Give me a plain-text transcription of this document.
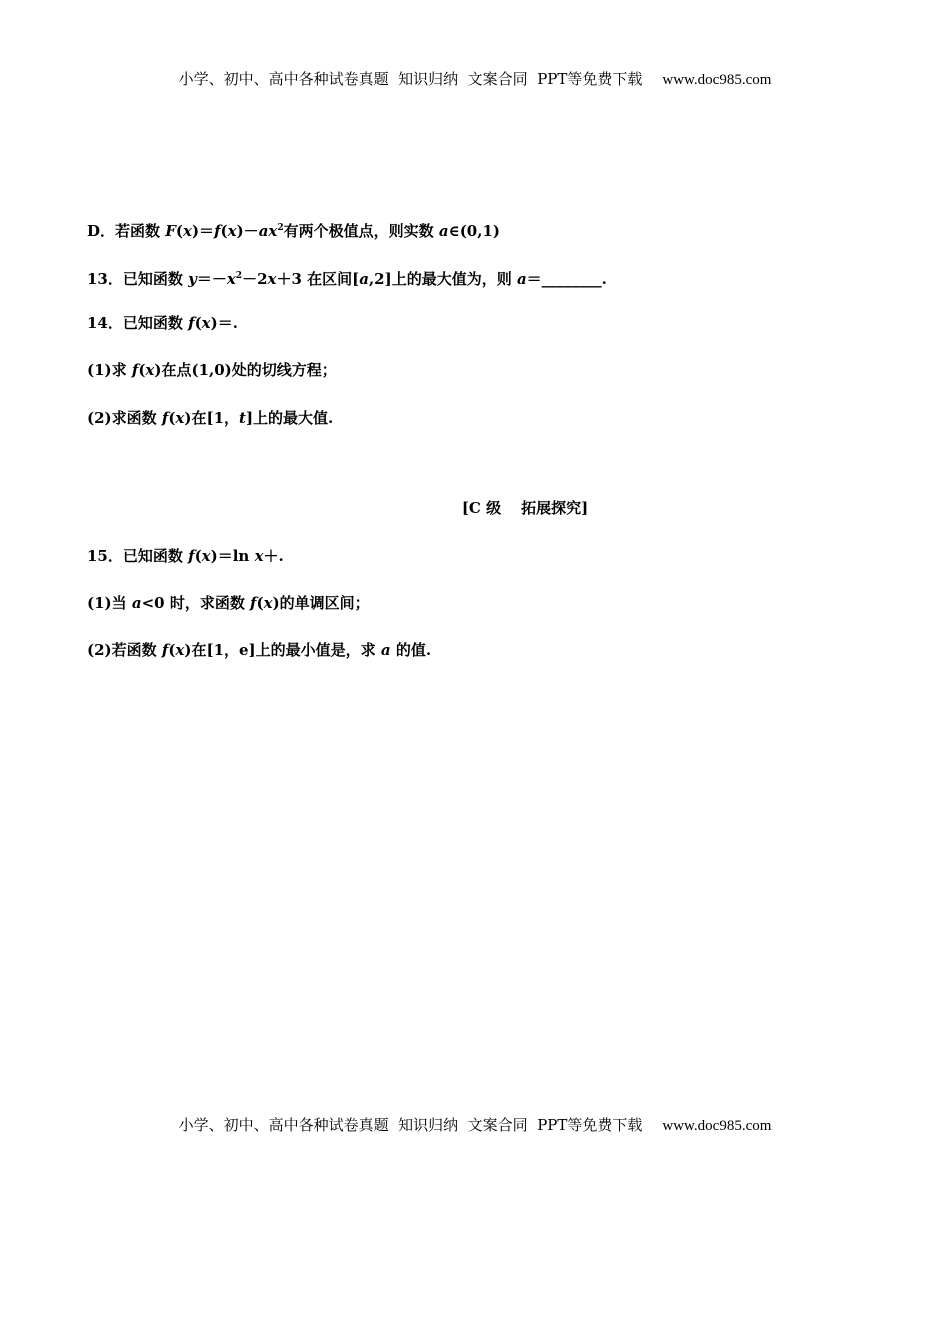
小学、初中、高中各种试卷真题  知识归纳  文案合同  PPT等免费下载 www.doc985.com
D．若函数 $F(x)=f(x)-ax^2$有两个极值点，则实数 a∈(0,1)
13．已知函数 $y=-x^2-2x+3$ 在区间[a,2]上的最大值为，则 a＝________.
14．已知函数 f(x)＝.
(1)求 f(x)在点(1,0)处的切线方程；
(2)求函数 f(x)在[1，t]上的最大值.
[C 级 拓展探究]
15．已知函数 f(x)＝ln x＋.
(1)当 a<0 时，求函数 f(x)的单调区间；
(2)若函数 f(x)在[1，e]上的最小值是，求 a 的值.
小学、初中、高中各种试卷真题  知识归纳  文案合同  PPT等免费下载 www.doc985.com
